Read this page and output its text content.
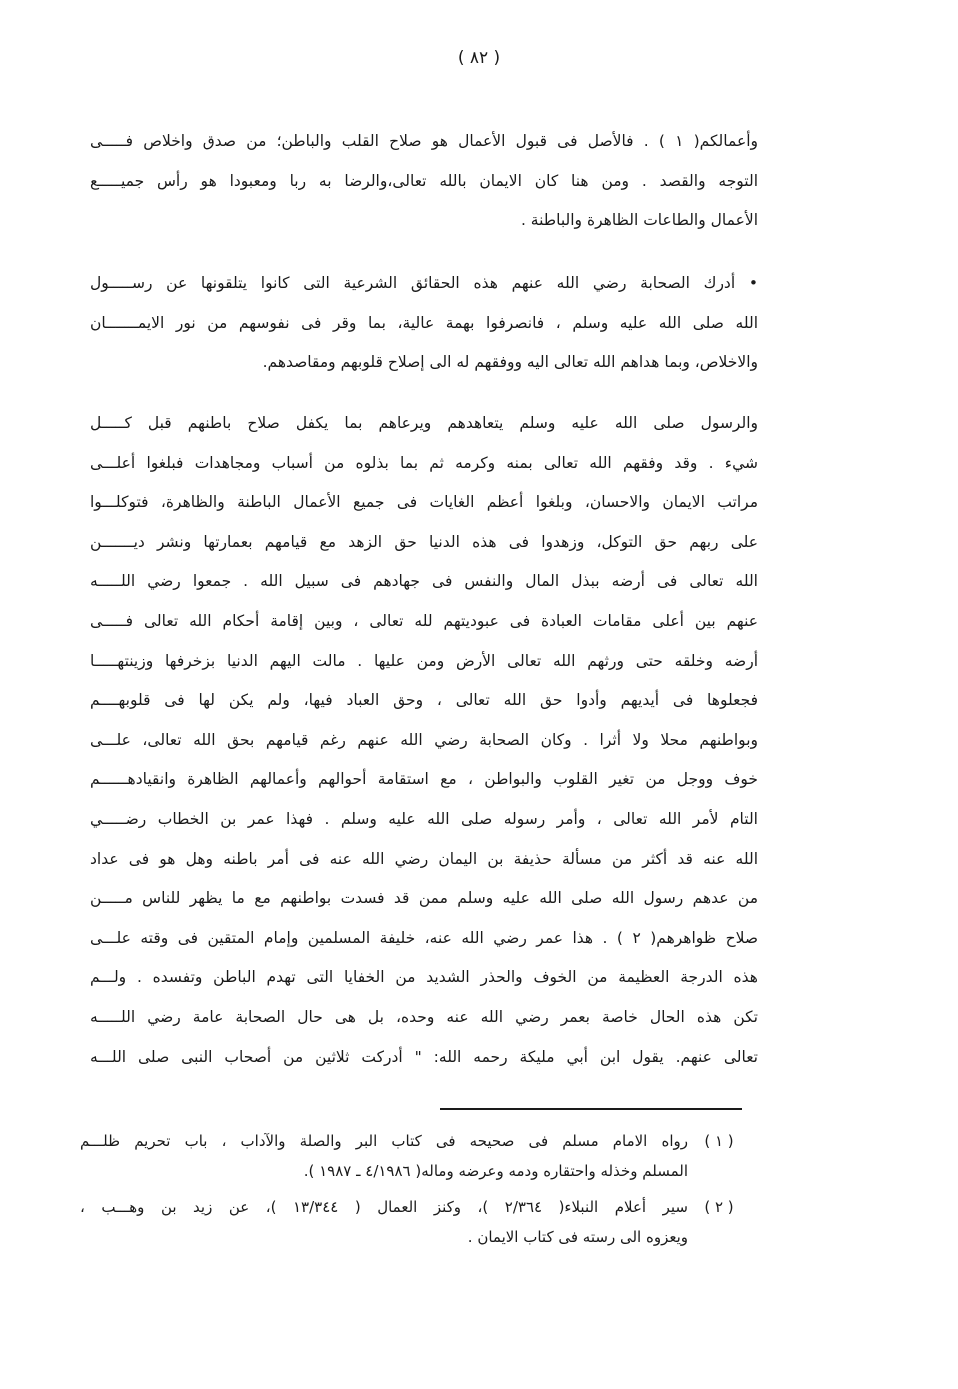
( ٨٢ )
وأعمالكم( ١ ) . فالأصل فى قبول الأعمال هو صلاح القلب والباطن؛ من صدق واخلاص فـــــى
التوجه والقصد . ومن هنا كان الايمان بالله تعالى،والرضا به ربا ومعبودا هو رأس جميـــــع
الأعمال والطاعات الظاهرة والباطنة .
• أدرك الصحابة رضي الله عنهم هذه الحقائق الشرعية التى كانوا يتلقونها عن رســـــول
الله صلى الله عليه وسلم ، فانصرفوا بهمة عالية، بما وقر فى نفوسهم من نور الايمـــــــان
والاخلاص، وبما هداهم الله تعالى اليه ووفقهم له الى إصلاح قلوبهم ومقاصدهم.
والرسول صلى الله عليه وسلم يتعاهدهم ويرعاهم بما يكفل صلاح باطنهم قبل كـــــل
شيء . وقد وفقهم الله تعالى بمنه وكرمه ثم بما بذلوه من أسباب ومجاهدات فبلغوا أعلـــى
مراتب الايمان والاحسان، وبلغوا أعظم الغايات فى جميع الأعمال الباطنة والظاهرة، فتوكلـــوا
على ربهم حق التوكل، وزهدوا فى هذه الدنيا حق الزهد مع قيامهم بعمارتها ونشر ديـــــــن
الله تعالى فى أرضه ببذل المال والنفس فى جهادهم فى سبيل الله . جمعوا رضي اللـــــه
عنهم بين أعلى مقامات العبادة فى عبوديتهم لله تعالى ، وبين إقامة أحكام الله تعالى فـــــى
أرضه وخلقه حتى ورثهم الله تعالى الأرض ومن عليها . مالت اليهم الدنيا بزخرفها وزينتهـــــا
فجعلوها فى أيديهم وأدوا حق الله تعالى ، وحق العباد فيها، ولم يكن لها فى قلوبهــــم
وبواطنهم محلا ولا أثرا . وكان الصحابة رضي الله عنهم رغم قيامهم بحق الله تعالى، علـــى
خوف ووجل من تغير القلوب والبواطن ، مع استقامة أحوالهم وأعمالهم الظاهرة وانقيادهــــــم
التام لأمر الله تعالى ، وأمر رسوله صلى الله عليه وسلم . فهذا عمر بن الخطاب رضـــــي
الله عنه قد أكثر من مسألة حذيفة بن اليمان رضي الله عنه فى أمر باطنه وهل هو فى عداد
من عدهم رسول الله صلى الله عليه وسلم ممن قد فسدت بواطنهم مع ما يظهر للناس مـــــن
صلاح ظواهرهم( ٢ ) . هذا عمر رضي الله عنه، خليفة المسلمين وإمام المتقين فى وقته علـــى
هذه الدرجة العظيمة من الخوف والحذر الشديد من الخفايا التى تهدم الباطن وتفسده . ولـــم
تكن هذه الحال خاصة بعمر رضي الله عنه وحده، بل هى حال الصحابة عامة رضي اللـــــه
تعالى عنهم. يقول ابن أبي مليكة رحمه الله: " أدركت ثلاثين من أصحاب النبى صلى اللـــه
( ١ )
رواه الامام مسلم فى صحيحه فى كتاب البر والصلة والآداب ، باب تحريم ظلـــم
المسلم وخذله واحتقاره ودمه وعرضه وماله( ٤/١٩٨٦ ـ ١٩٨٧ ).
( ٢ )
سير أعلام النبلاء( ٢/٣٦٤ )، وكنز العمال ( ١٣/٣٤٤ )، عن زيد بن وهـــب ،
ويعزوه الى رسته فى كتاب الايمان .
